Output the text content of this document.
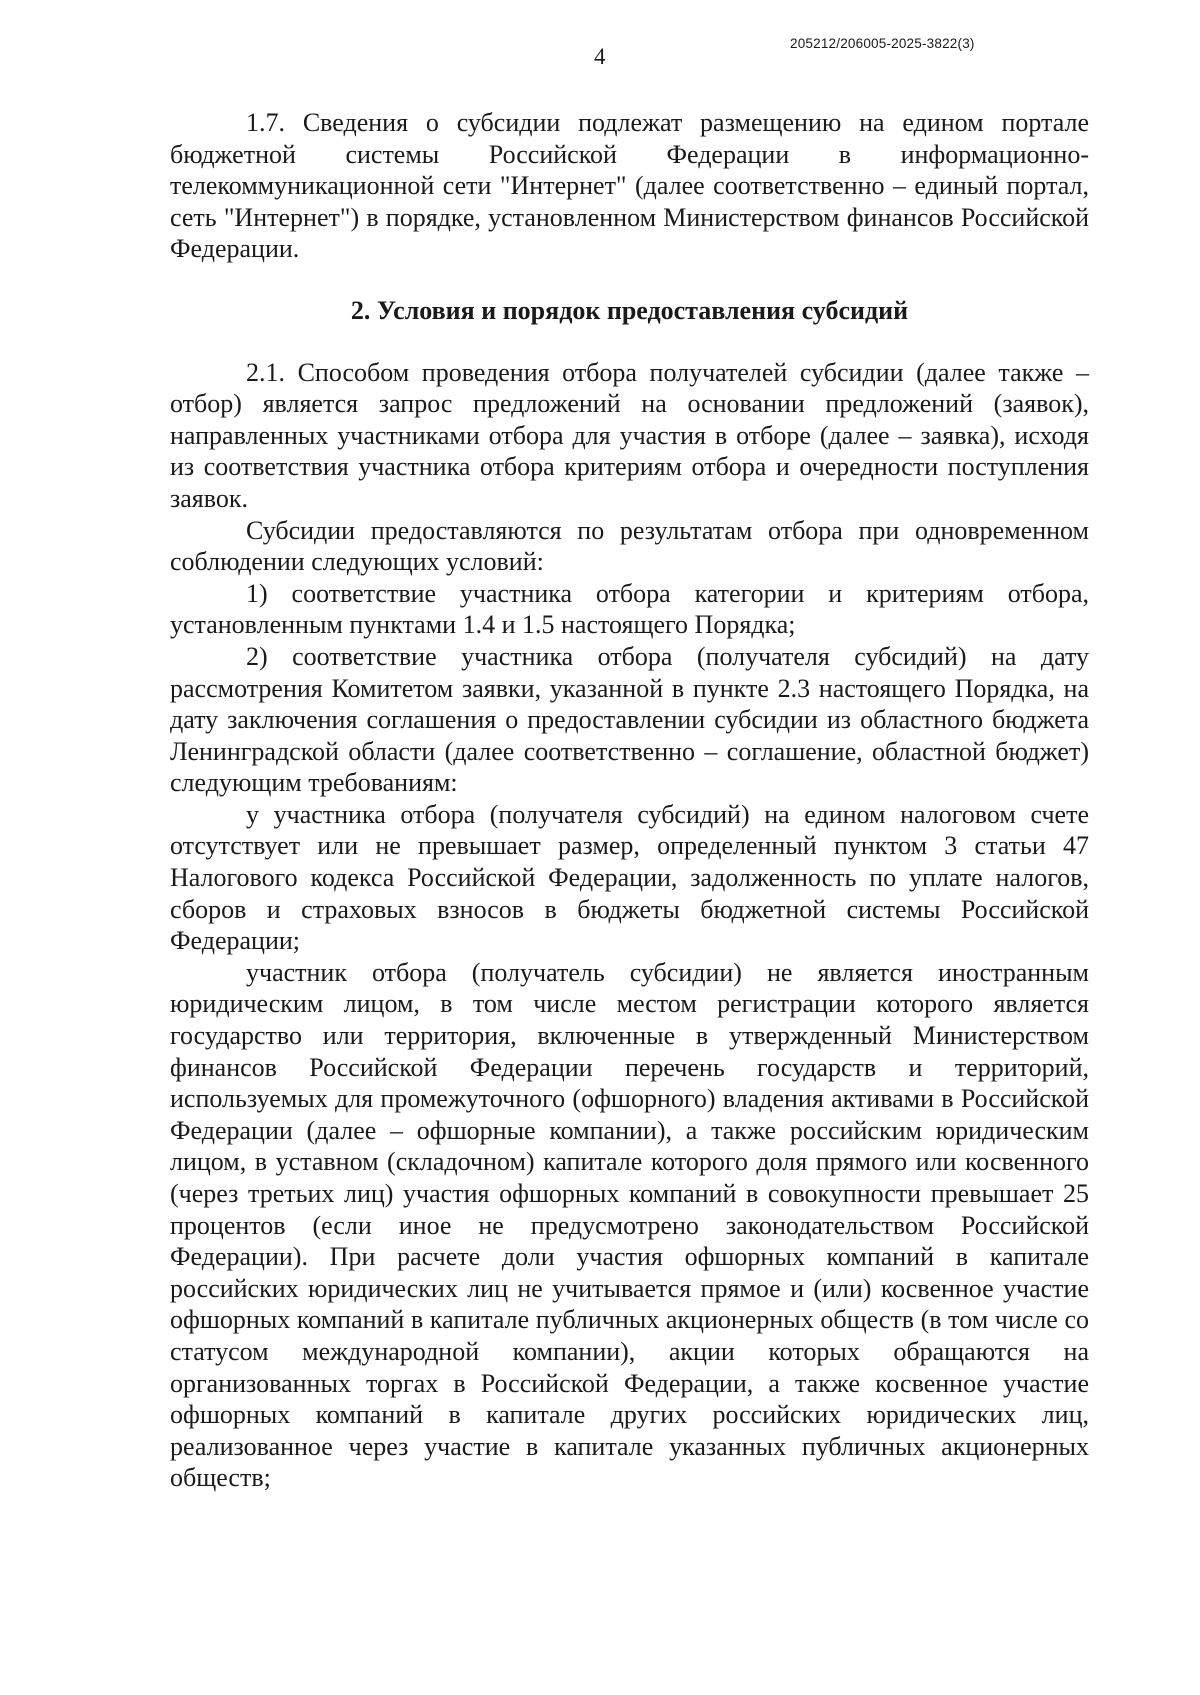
4
205212/206005-2025-3822(3)

1.7. Сведения о субсидии подлежат размещению на едином портале бюджетной системы Российской Федерации в информационно-телекоммуникационной сети "Интернет" (далее соответственно – единый портал, сеть "Интернет") в порядке, установленном Министерством финансов Российской Федерации.

2. Условия и порядок предоставления субсидий

2.1. Способом проведения отбора получателей субсидии (далее также – отбор) является запрос предложений на основании предложений (заявок), направленных участниками отбора для участия в отборе (далее – заявка), исходя из соответствия участника отбора критериям отбора и очередности поступления заявок.

Субсидии предоставляются по результатам отбора при одновременном соблюдении следующих условий:

1) соответствие участника отбора категории и критериям отбора, установленным пунктами 1.4 и 1.5 настоящего Порядка;

2) соответствие участника отбора (получателя субсидий) на дату рассмотрения Комитетом заявки, указанной в пункте 2.3 настоящего Порядка, на дату заключения соглашения о предоставлении субсидии из областного бюджета Ленинградской области (далее соответственно – соглашение, областной бюджет) следующим требованиям:

у участника отбора (получателя субсидий) на едином налоговом счете отсутствует или не превышает размер, определенный пунктом 3 статьи 47 Налогового кодекса Российской Федерации, задолженность по уплате налогов, сборов и страховых взносов в бюджеты бюджетной системы Российской Федерации;

участник отбора (получатель субсидии) не является иностранным юридическим лицом, в том числе местом регистрации которого является государство или территория, включенные в утвержденный Министерством финансов Российской Федерации перечень государств и территорий, используемых для промежуточного (офшорного) владения активами в Российской Федерации (далее – офшорные компании), а также российским юридическим лицом, в уставном (складочном) капитале которого доля прямого или косвенного (через третьих лиц) участия офшорных компаний в совокупности превышает 25 процентов (если иное не предусмотрено законодательством Российской Федерации). При расчете доли участия офшорных компаний в капитале российских юридических лиц не учитывается прямое и (или) косвенное участие офшорных компаний в капитале публичных акционерных обществ (в том числе со статусом международной компании), акции которых обращаются на организованных торгах в Российской Федерации, а также косвенное участие офшорных компаний в капитале других российских юридических лиц, реализованное через участие в капитале указанных публичных акционерных обществ;
